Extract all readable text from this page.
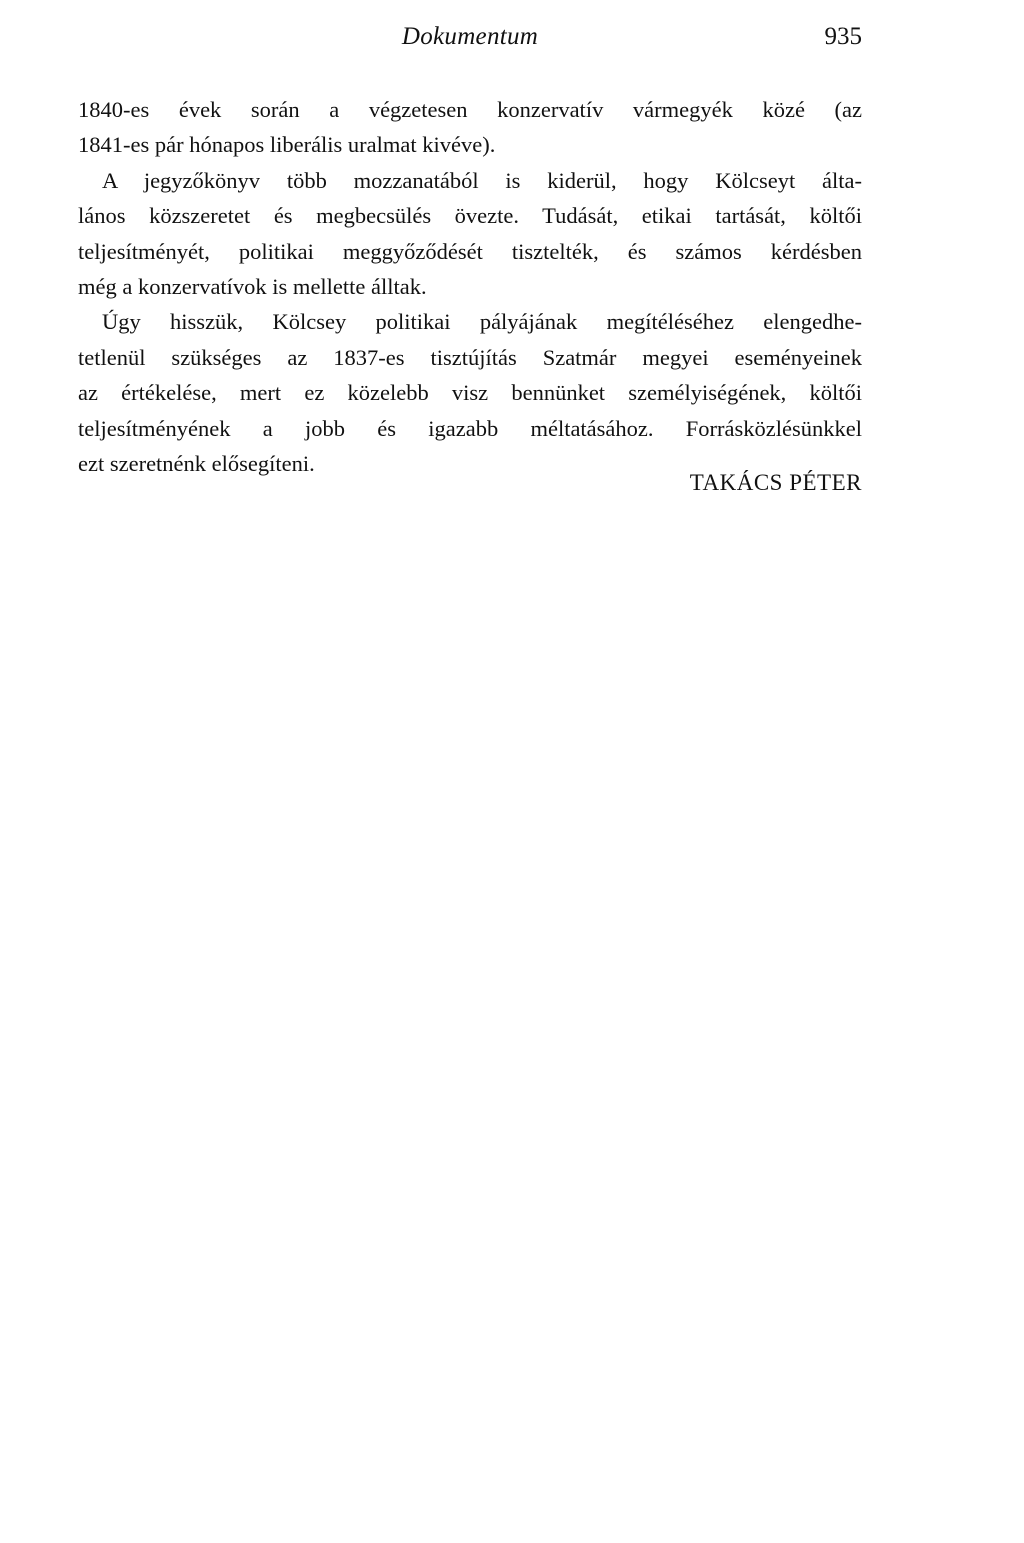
Dokumentum	935
1840-es évek során a végzetesen konzervatív vármegyék közé (az
1841-es pár hónapos liberális uralmat kivéve).
A jegyzőkönyv több mozzanatából is kiderül, hogy Kölcseyt álta-
lános közszeretet és megbecsülés övezte. Tudását, etikai tartását, költői
teljesítményét, politikai meggyőződését tisztelték, és számos kérdésben
még a konzervatívok is mellette álltak.
Úgy hisszük, Kölcsey politikai pályájának megítéléséhez elengedhe-
tetlenül szükséges az 1837-es tisztújítás Szatmár megyei eseményeinek
az értékelése, mert ez közelebb visz bennünket személyiségének, költői
teljesítményének a jobb és igazabb méltatásához. Forrásközlésünkkel
ezt szeretnénk elősegíteni.
TAKÁCS PÉTER
